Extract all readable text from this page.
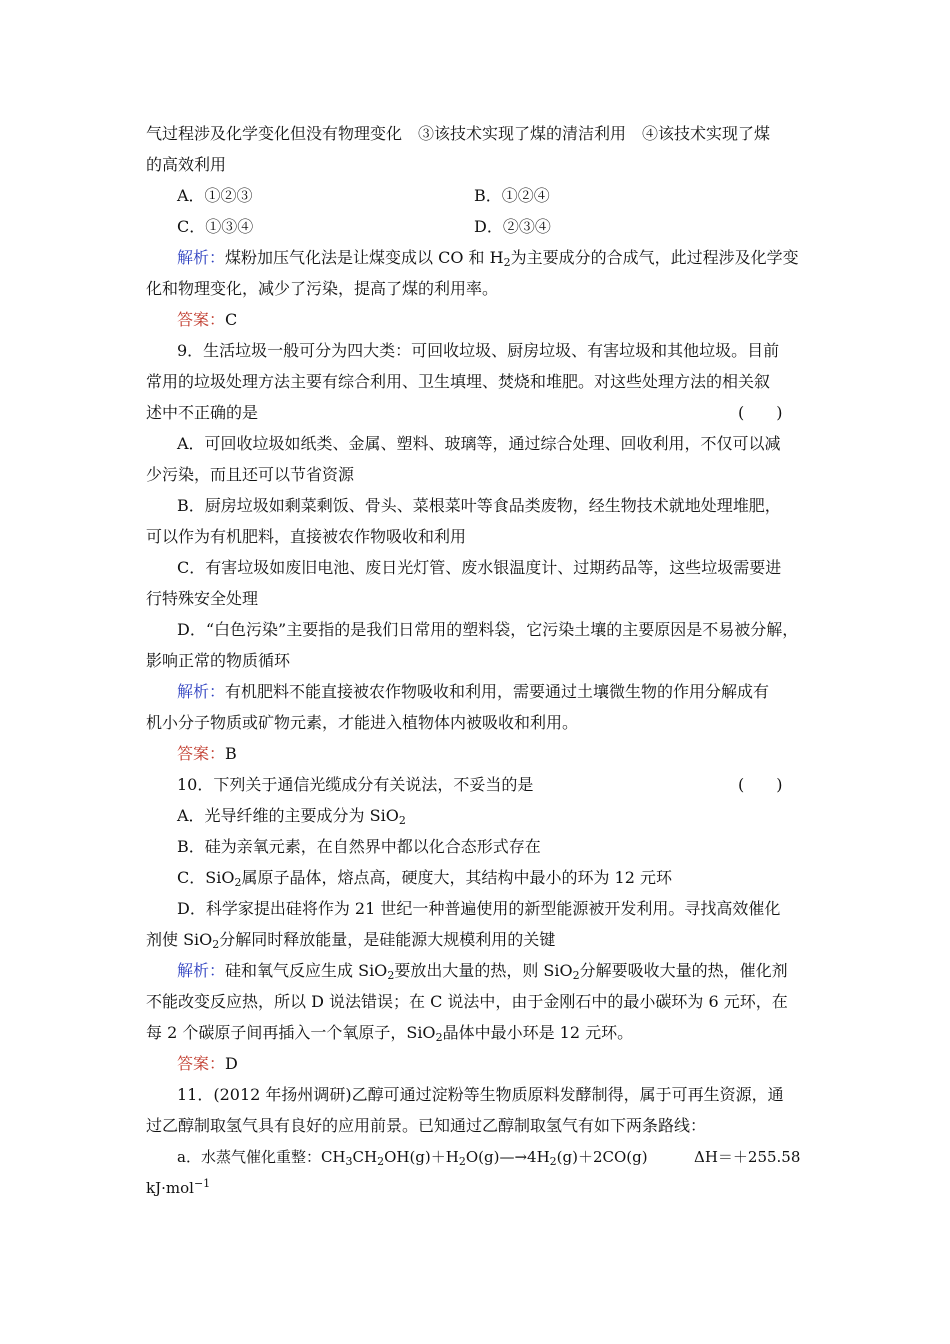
气过程涉及化学变化但没有物理变化　③该技术实现了煤的清洁利用　④该技术实现了煤
的高效利用
A．①②③	B．①②④
C．①③④	D．②③④
解析：煤粉加压气化法是让煤变成以 CO 和 $H_2$为主要成分的合成气，此过程涉及化学变
化和物理变化，减少了污染，提高了煤的利用率。
答案：C
9．生活垃圾一般可分为四大类：可回收垃圾、厨房垃圾、有害垃圾和其他垃圾。目前
常用的垃圾处理方法主要有综合利用、卫生填埋、焚烧和堆肥。对这些处理方法的相关叙
述中不正确的是	(　　)
A．可回收垃圾如纸类、金属、塑料、玻璃等，通过综合处理、回收利用，不仅可以减
少污染，而且还可以节省资源
B．厨房垃圾如剩菜剩饭、骨头、菜根菜叶等食品类废物，经生物技术就地处理堆肥，
可以作为有机肥料，直接被农作物吸收和利用
C．有害垃圾如废旧电池、废日光灯管、废水银温度计、过期药品等，这些垃圾需要进
行特殊安全处理
D．“白色污染”主要指的是我们日常用的塑料袋，它污染土壤的主要原因是不易被分解，
影响正常的物质循环
解析：有机肥料不能直接被农作物吸收和利用，需要通过土壤微生物的作用分解成有
机小分子物质或矿物元素，才能进入植物体内被吸收和利用。
答案：B
10．下列关于通信光缆成分有关说法，不妥当的是	(　　)
A．光导纤维的主要成分为 SiO$_2$
B．硅为亲氧元素，在自然界中都以化合态形式存在
C．SiO$_2$属原子晶体，熔点高，硬度大，其结构中最小的环为 12 元环
D．科学家提出硅将作为 21 世纪一种普遍使用的新型能源被开发利用。寻找高效催化
剂使 SiO$_2$分解同时释放能量，是硅能源大规模利用的关键
解析：硅和氧气反应生成 SiO$_2$要放出大量的热，则 SiO$_2$分解要吸收大量的热，催化剂
不能改变反应热，所以 D 说法错误；在 C 说法中，由于金刚石中的最小碳环为 6 元环，在
每 2 个碳原子间再插入一个氧原子，SiO$_2$晶体中最小环是 12 元环。
答案：D
11．(2012 年扬州调研)乙醇可通过淀粉等生物质原料发酵制得，属于可再生资源，通
过乙醇制取氢气具有良好的应用前景。已知通过乙醇制取氢气有如下两条路线：
a．水蒸气催化重整：$CH_3CH_2OH(g)+H_2O(g)—\to 4H_2(g)+2CO(g)$	ΔH＝＋255.58
kJ·mol$^{-1}$
